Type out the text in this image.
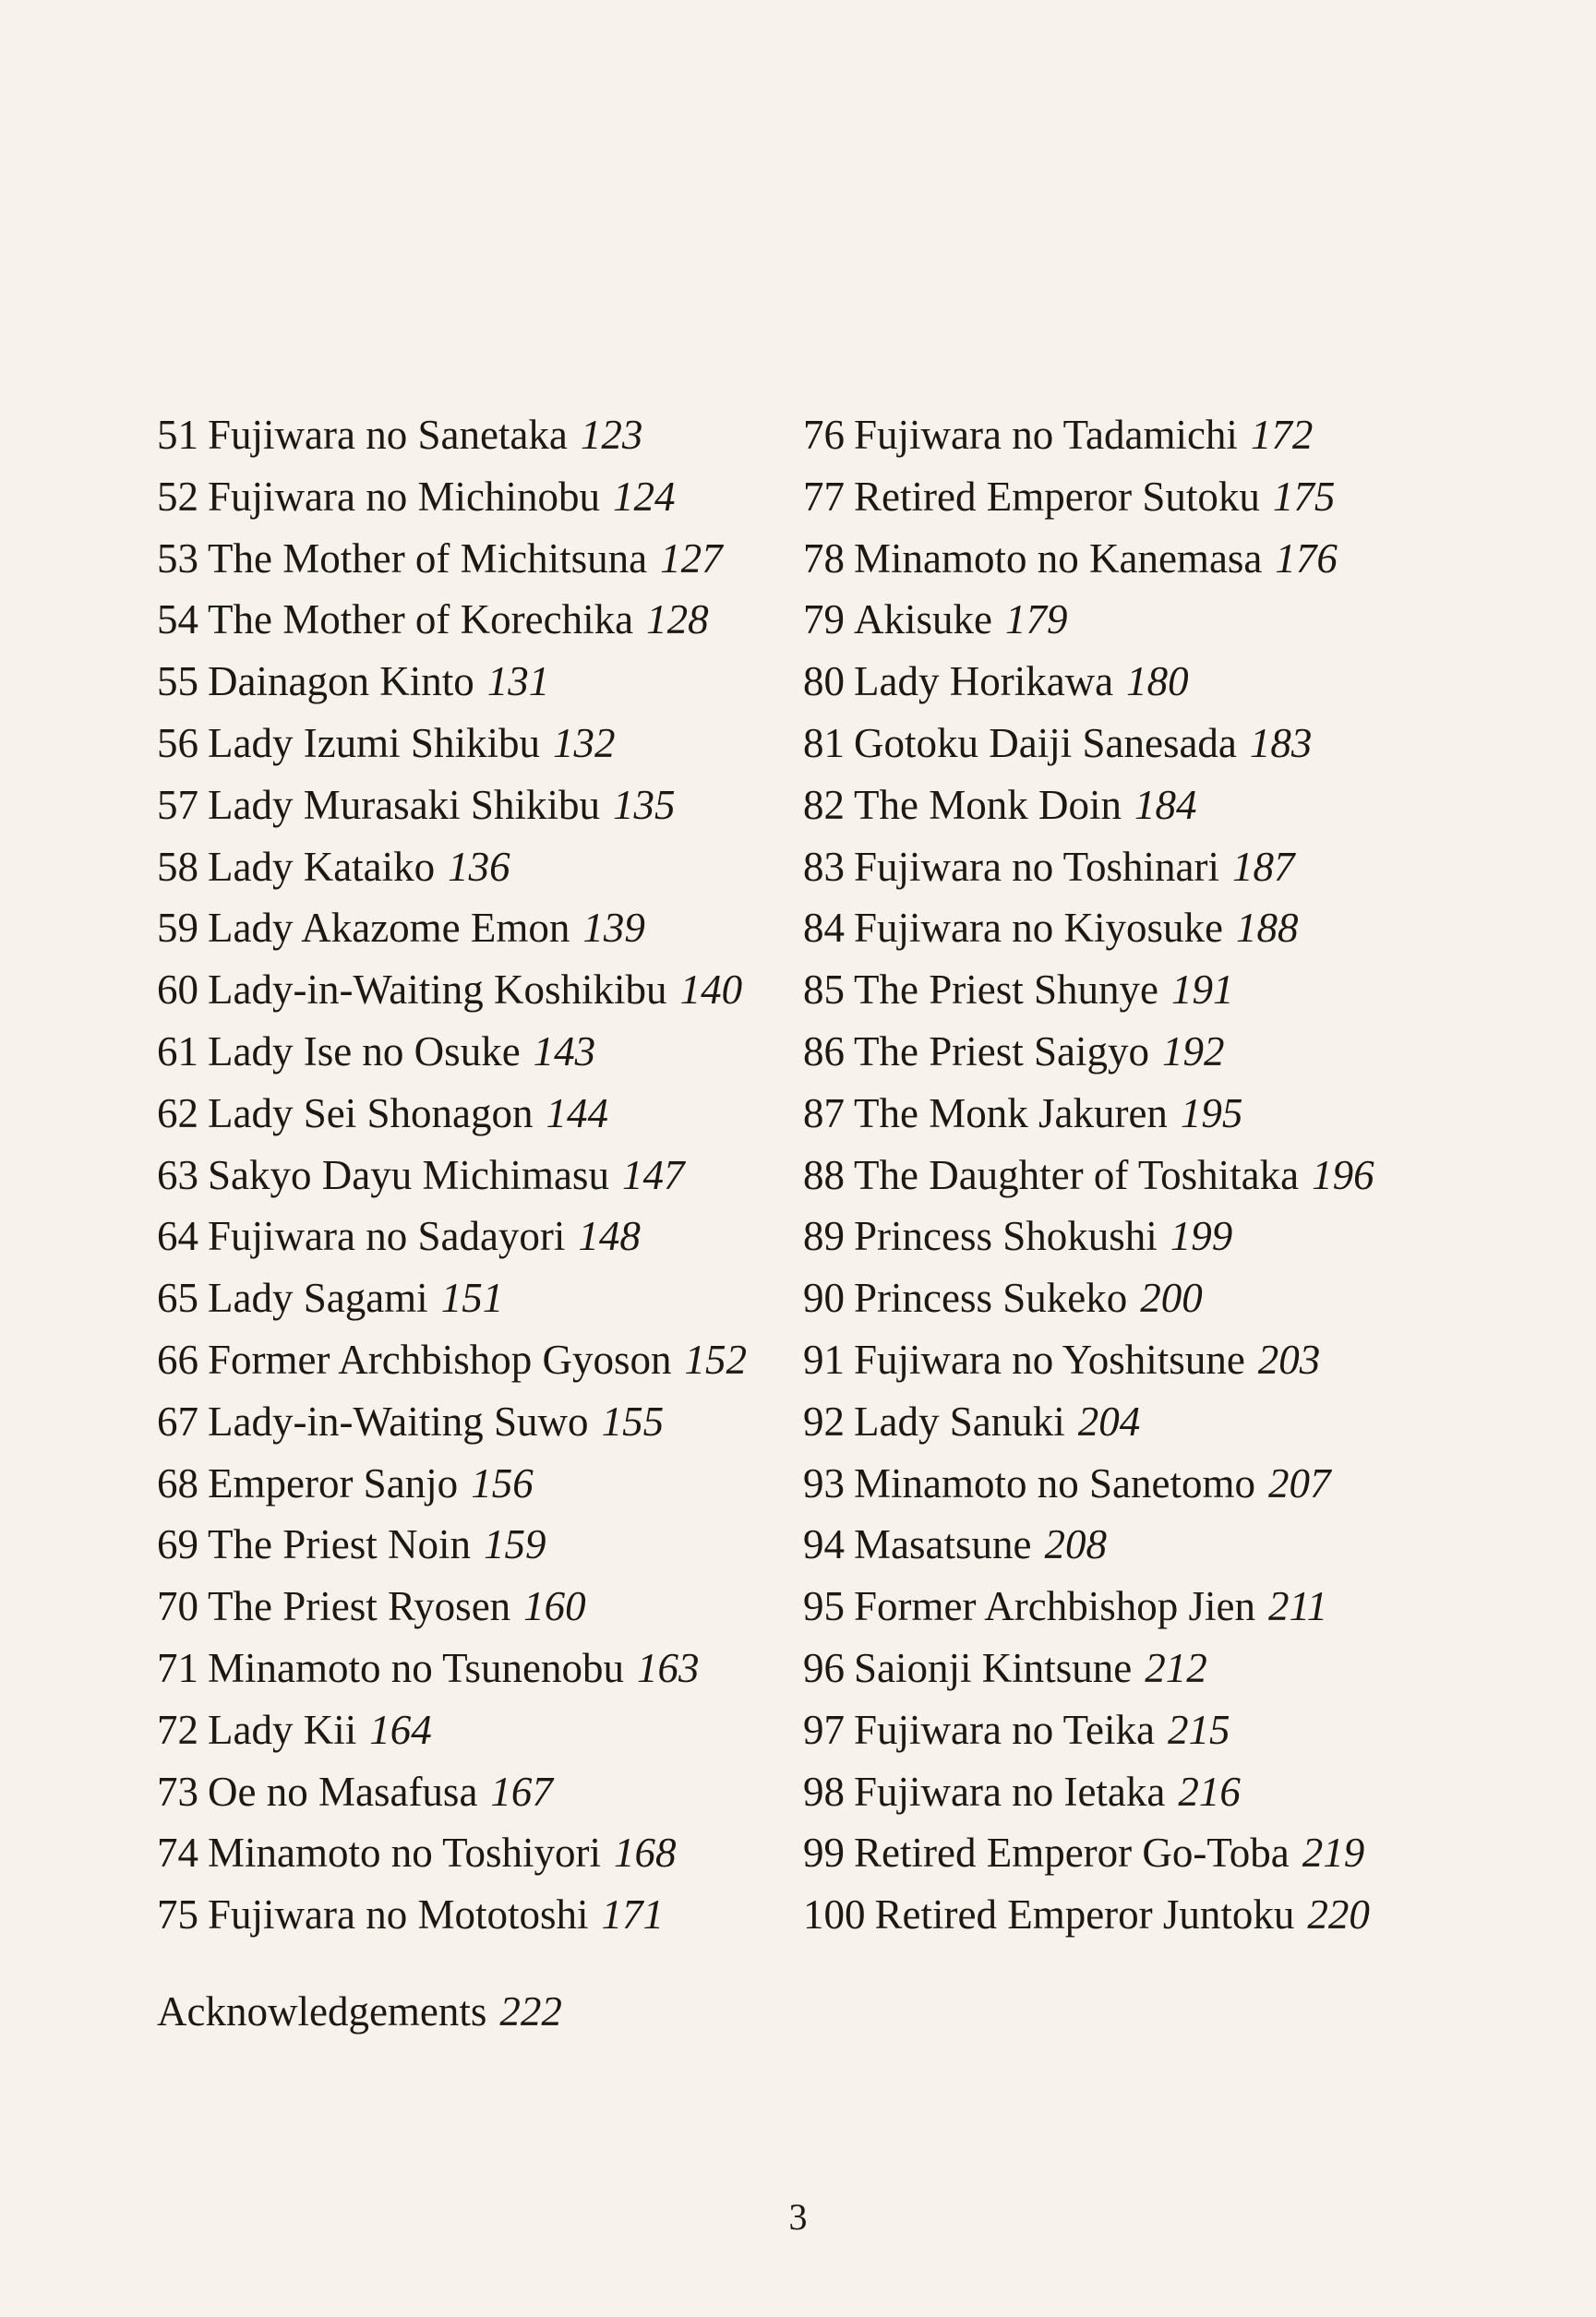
51 Fujiwara no Sanetaka 123
52 Fujiwara no Michinobu 124
53 The Mother of Michitsuna 127
54 The Mother of Korechika 128
55 Dainagon Kinto 131
56 Lady Izumi Shikibu 132
57 Lady Murasaki Shikibu 135
58 Lady Kataiko 136
59 Lady Akazome Emon 139
60 Lady-in-Waiting Koshikibu 140
61 Lady Ise no Osuke 143
62 Lady Sei Shonagon 144
63 Sakyo Dayu Michimasu 147
64 Fujiwara no Sadayori 148
65 Lady Sagami 151
66 Former Archbishop Gyoson 152
67 Lady-in-Waiting Suwo 155
68 Emperor Sanjo 156
69 The Priest Noin 159
70 The Priest Ryosen 160
71 Minamoto no Tsunenobu 163
72 Lady Kii 164
73 Oe no Masafusa 167
74 Minamoto no Toshiyori 168
75 Fujiwara no Mototoshi 171
76 Fujiwara no Tadamichi 172
77 Retired Emperor Sutoku 175
78 Minamoto no Kanemasa 176
79 Akisuke 179
80 Lady Horikawa 180
81 Gotoku Daiji Sanesada 183
82 The Monk Doin 184
83 Fujiwara no Toshinari 187
84 Fujiwara no Kiyosuke 188
85 The Priest Shunye 191
86 The Priest Saigyo 192
87 The Monk Jakuren 195
88 The Daughter of Toshitaka 196
89 Princess Shokushi 199
90 Princess Sukeko 200
91 Fujiwara no Yoshitsune 203
92 Lady Sanuki 204
93 Minamoto no Sanetomo 207
94 Masatsune 208
95 Former Archbishop Jien 211
96 Saionji Kintsune 212
97 Fujiwara no Teika 215
98 Fujiwara no Ietaka 216
99 Retired Emperor Go-Toba 219
100 Retired Emperor Juntoku 220
Acknowledgements 222
3
